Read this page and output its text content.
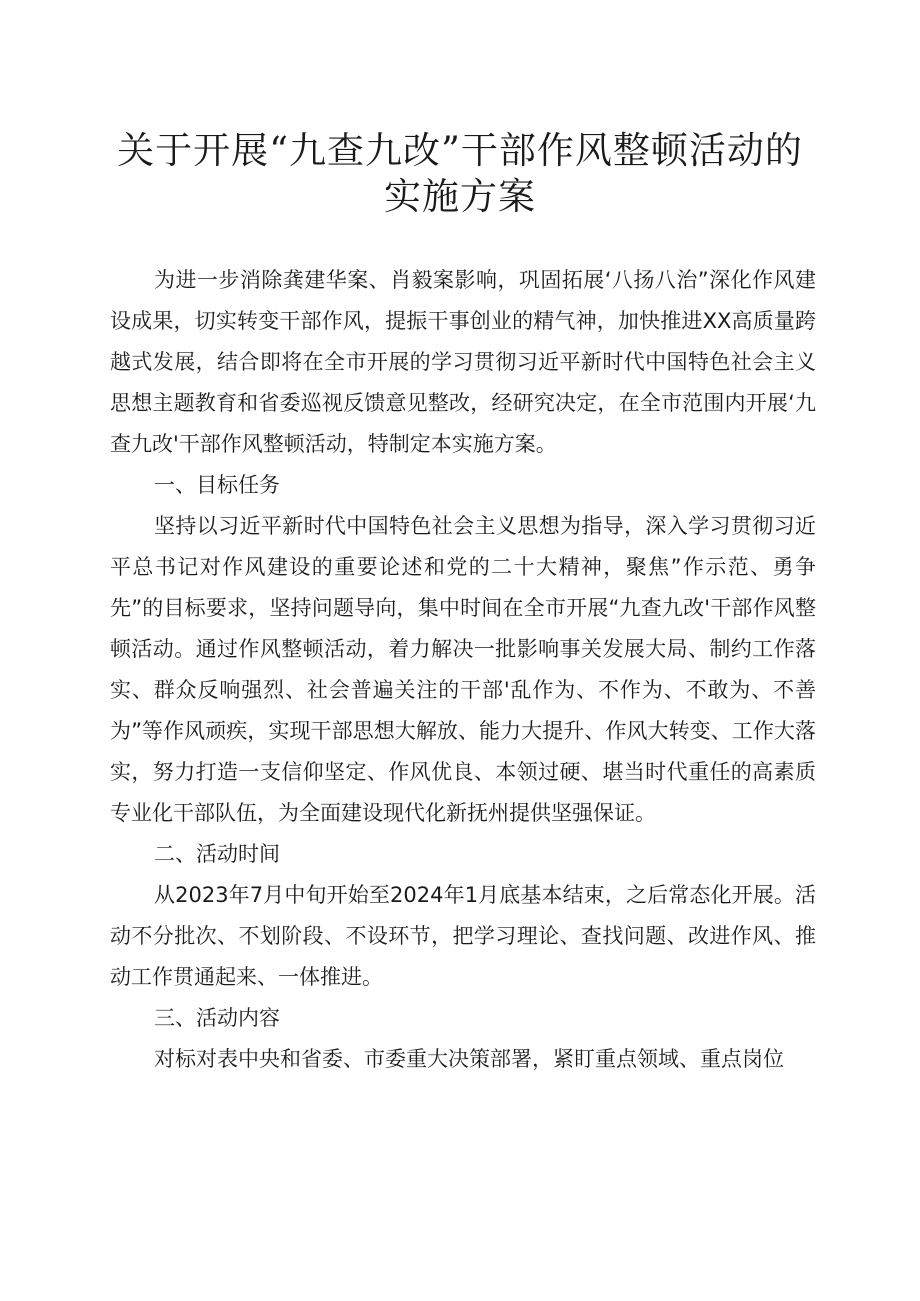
关于开展“九查九改”干部作风整顿活动的实施方案

为进一步消除龚建华案、肖毅案影响，巩固拓展‘八扬八治”深化作风建设成果，切实转变干部作风，提振干事创业的精气神，加快推进XX高质量跨越式发展，结合即将在全市开展的学习贯彻习近平新时代中国特色社会主义思想主题教育和省委巡视反馈意见整改，经研究决定，在全市范围内开展‘九查九改'干部作风整顿活动，特制定本实施方案。

一、目标任务

坚持以习近平新时代中国特色社会主义思想为指导，深入学习贯彻习近平总书记对作风建设的重要论述和党的二十大精神，聚焦”作示范、勇争先”的目标要求，坚持问题导向，集中时间在全市开展“九查九改'干部作风整顿活动。通过作风整顿活动，着力解决一批影响事关发展大局、制约工作落实、群众反响强烈、社会普遍关注的干部'乱作为、不作为、不敢为、不善为”等作风顽疾，实现干部思想大解放、能力大提升、作风大转变、工作大落实，努力打造一支信仰坚定、作风优良、本领过硬、堪当时代重任的高素质专业化干部队伍，为全面建设现代化新抚州提供坚强保证。

二、活动时间

从2023年7月中旬开始至2024年1月底基本结束，之后常态化开展。活动不分批次、不划阶段、不设环节，把学习理论、查找问题、改进作风、推动工作贯通起来、一体推进。

三、活动内容

对标对表中央和省委、市委重大决策部署，紧盯重点领域、重点岗位
